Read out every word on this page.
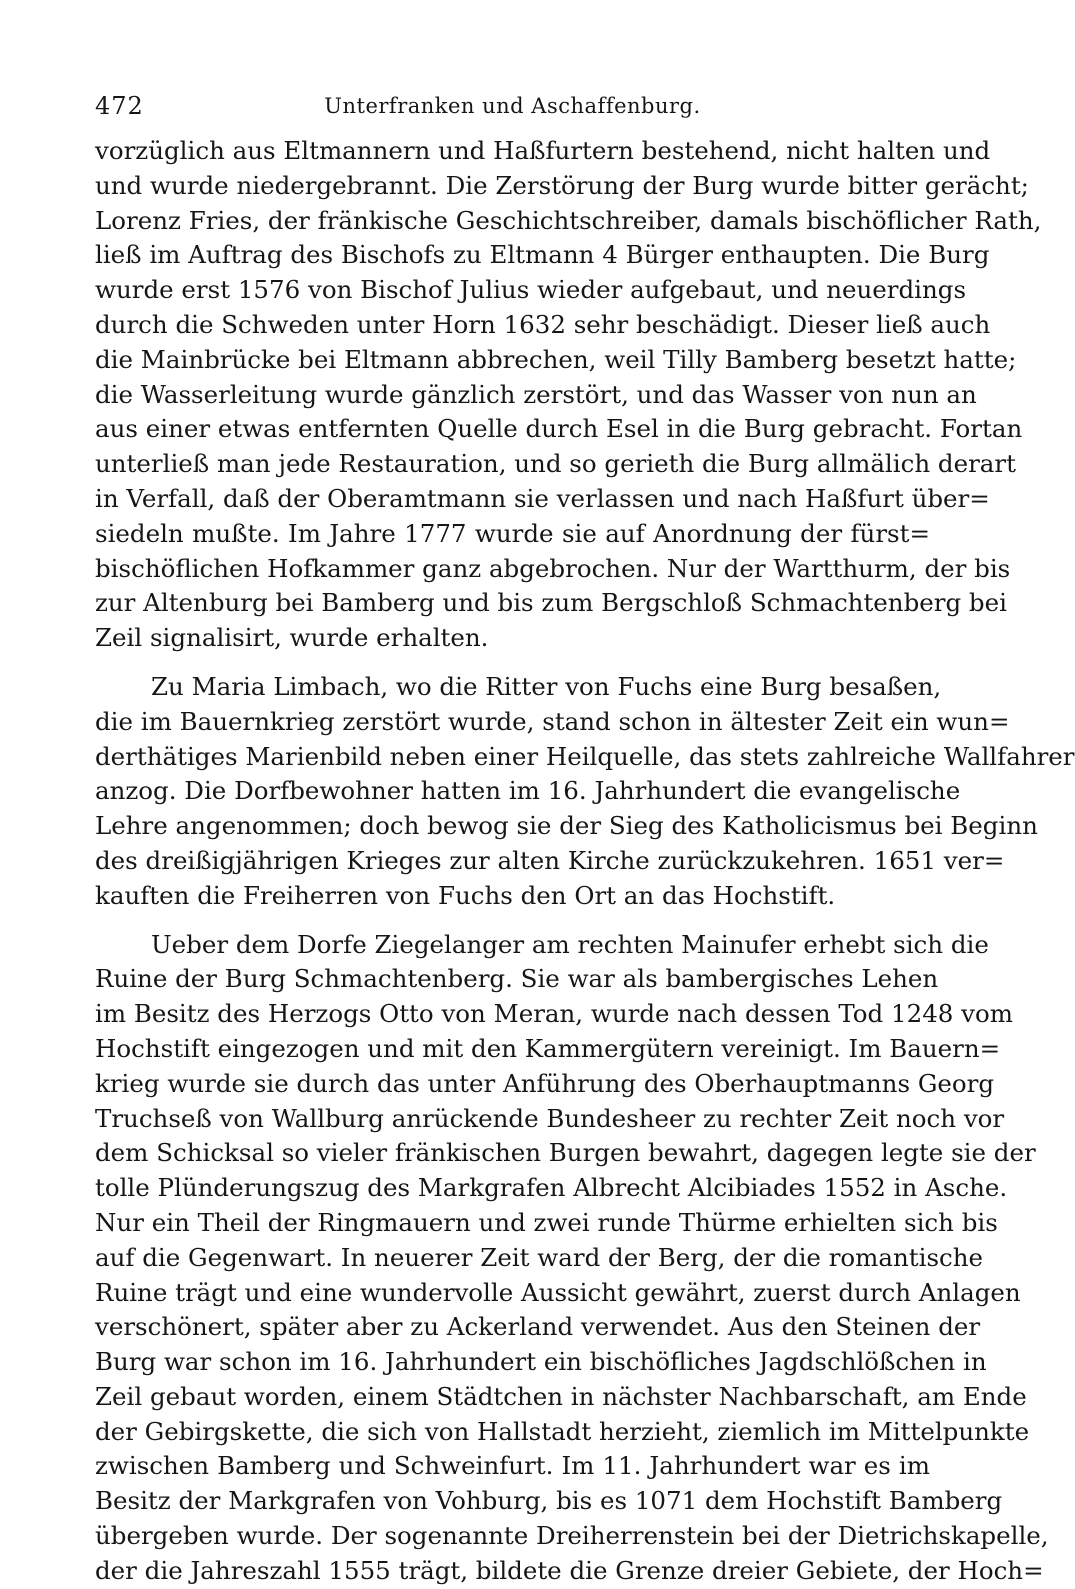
472	Unterfranken und Aschaffenburg.
vorzüglich aus Eltmannern und Haßfurtern bestehend, nicht halten und
und wurde niedergebrannt. Die Zerstörung der Burg wurde bitter gerächt;
Lorenz Fries, der fränkische Geschichtschreiber, damals bischöflicher Rath,
ließ im Auftrag des Bischofs zu Eltmann 4 Bürger enthaupten. Die Burg
wurde erst 1576 von Bischof Julius wieder aufgebaut, und neuerdings
durch die Schweden unter Horn 1632 sehr beschädigt. Dieser ließ auch
die Mainbrücke bei Eltmann abbrechen, weil Tilly Bamberg besetzt hatte;
die Wasserleitung wurde gänzlich zerstört, und das Wasser von nun an
aus einer etwas entfernten Quelle durch Esel in die Burg gebracht. Fortan
unterließ man jede Restauration, und so gerieth die Burg allmälich derart
in Verfall, daß der Oberamtmann sie verlassen und nach Haßfurt über=
siedeln mußte. Im Jahre 1777 wurde sie auf Anordnung der fürst=
bischöflichen Hofkammer ganz abgebrochen. Nur der Wartthurm, der bis
zur Altenburg bei Bamberg und bis zum Bergschloß Schmachtenberg bei
Zeil signalisirt, wurde erhalten.
Zu Maria Limbach, wo die Ritter von Fuchs eine Burg besaßen,
die im Bauernkrieg zerstört wurde, stand schon in ältester Zeit ein wun=
derthätiges Marienbild neben einer Heilquelle, das stets zahlreiche Wallfahrer
anzog. Die Dorfbewohner hatten im 16. Jahrhundert die evangelische
Lehre angenommen; doch bewog sie der Sieg des Katholicismus bei Beginn
des dreißigjährigen Krieges zur alten Kirche zurückzukehren. 1651 ver=
kauften die Freiherren von Fuchs den Ort an das Hochstift.
Ueber dem Dorfe Ziegelanger am rechten Mainufer erhebt sich die
Ruine der Burg Schmachtenberg. Sie war als bambergisches Lehen
im Besitz des Herzogs Otto von Meran, wurde nach dessen Tod 1248 vom
Hochstift eingezogen und mit den Kammergütern vereinigt. Im Bauern=
krieg wurde sie durch das unter Anführung des Oberhauptmanns Georg
Truchseß von Wallburg anrückende Bundesheer zu rechter Zeit noch vor
dem Schicksal so vieler fränkischen Burgen bewahrt, dagegen legte sie der
tolle Plünderungszug des Markgrafen Albrecht Alcibiades 1552 in Asche.
Nur ein Theil der Ringmauern und zwei runde Thürme erhielten sich bis
auf die Gegenwart. In neuerer Zeit ward der Berg, der die romantische
Ruine trägt und eine wundervolle Aussicht gewährt, zuerst durch Anlagen
verschönert, später aber zu Ackerland verwendet. Aus den Steinen der
Burg war schon im 16. Jahrhundert ein bischöfliches Jagdschlößchen in
Zeil gebaut worden, einem Städtchen in nächster Nachbarschaft, am Ende
der Gebirgskette, die sich von Hallstadt herzieht, ziemlich im Mittelpunkte
zwischen Bamberg und Schweinfurt. Im 11. Jahrhundert war es im
Besitz der Markgrafen von Vohburg, bis es 1071 dem Hochstift Bamberg
übergeben wurde. Der sogenannte Dreiherrenstein bei der Dietrichskapelle,
der die Jahreszahl 1555 trägt, bildete die Grenze dreier Gebiete, der Hoch=
